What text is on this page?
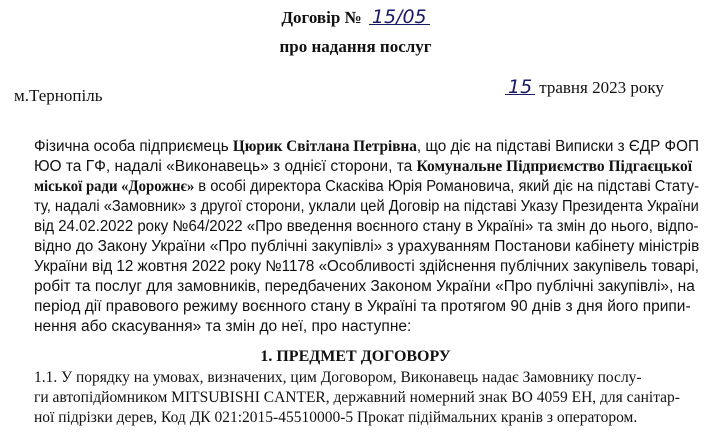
Договір № 15/05
про надання послуг
м.Тернопіль	15 травня 2023 року
Фізична особа підприємець Цюрик Світлана Петрівна, що діє на підставі Виписки з ЄДР ФОП
ЮО та ГФ, надалі «Виконавець» з однієї сторони, та Комунальне Підприємство Підгаєцької
міської ради «Дорожнє» в особі директора Скасківа Юрія Романовича, який діє на підставі Стату-
ту, надалі «Замовник» з другої сторони, уклали цей Договір на підставі Указу Президента України
від 24.02.2022 року №64/2022 «Про введення воєнного стану в Україні» та змін до нього, відпо-
відно до Закону України «Про публічні закупівлі» з урахуванням Постанови кабінету міністрів
України від 12 жовтня 2022 року №1178 «Особливості здійснення публічних закупівель товарі,
робіт та послуг для замовників, передбачених Законом України «Про публічні закупівлі», на
період дії правового режиму воєнного стану в Україні та протягом 90 днів з дня його припи-
нення або скасування» та змін до неї, про наступне:
1. ПРЕДМЕТ ДОГОВОРУ
1.1. У порядку на умовах, визначених, цим Договором, Виконавець надає Замовнику послу-
ги автопідйомником MITSUBISHI CANTER, державний номерний знак ВО 4059 ЕН, для санітар-
ної підрізки дерев, Код ДК 021:2015-45510000-5 Прокат підіймальних кранів з оператором.
